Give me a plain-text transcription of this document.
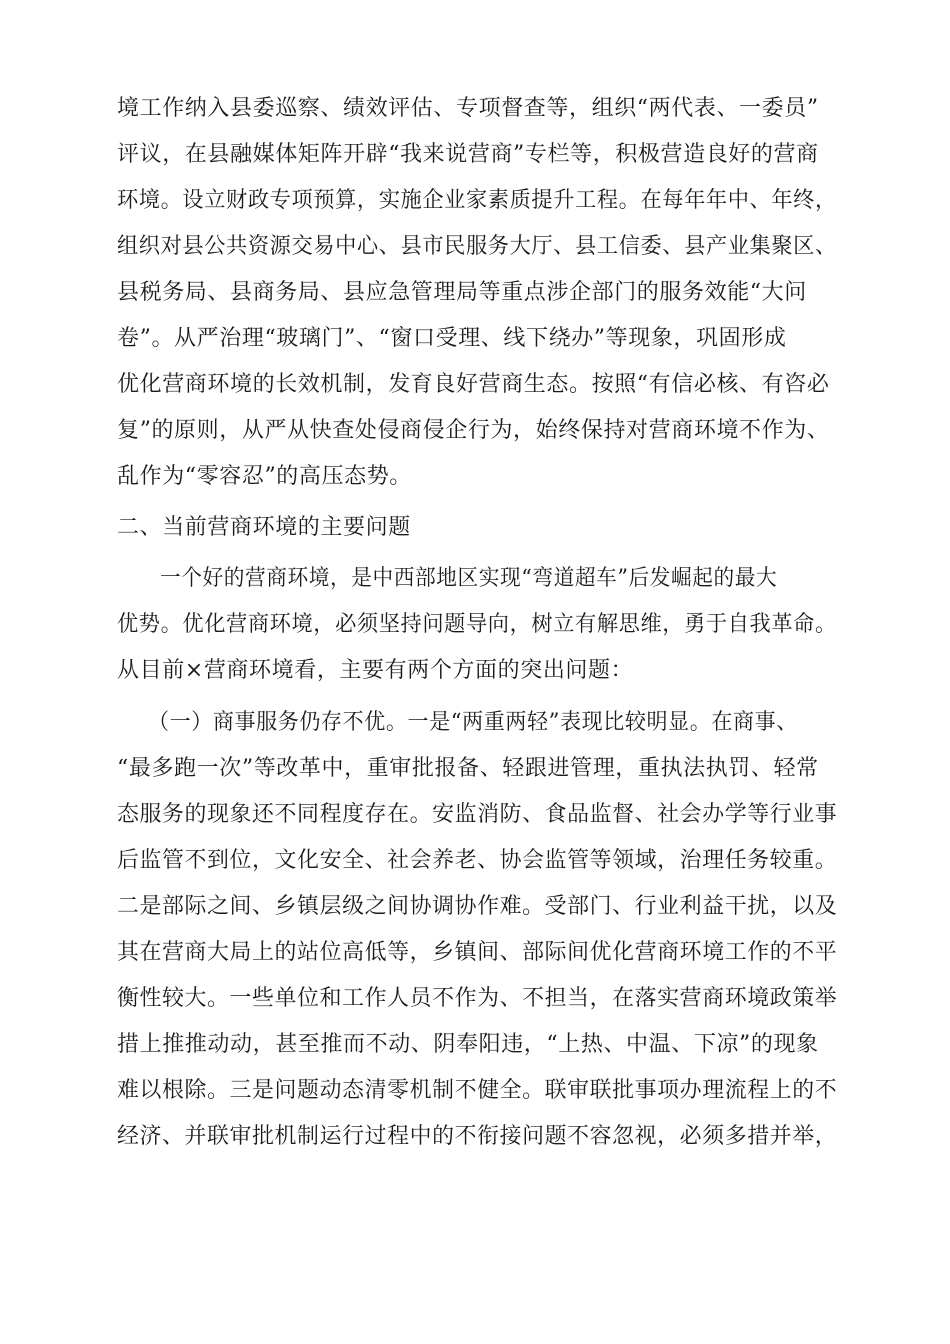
境工作纳入县委巡察、绩效评估、专项督查等，组织“两代表、一委员”
评议，在县融媒体矩阵开辟“我来说营商”专栏等，积极营造良好的营商
环境。设立财政专项预算，实施企业家素质提升工程。在每年年中、年终，
组织对县公共资源交易中心、县市民服务大厅、县工信委、县产业集聚区、
县税务局、县商务局、县应急管理局等重点涉企部门的服务效能“大问
卷”。从严治理“玻璃门”、“窗口受理、线下绕办”等现象，巩固形成
优化营商环境的长效机制，发育良好营商生态。按照“有信必核、有咨必
复”的原则，从严从快查处侵商侵企行为，始终保持对营商环境不作为、
乱作为“零容忍”的高压态势。
二、当前营商环境的主要问题
一个好的营商环境，是中西部地区实现“弯道超车”后发崛起的最大
优势。优化营商环境，必须坚持问题导向，树立有解思维，勇于自我革命。
从目前×营商环境看，主要有两个方面的突出问题：
（一）商事服务仍存不优。一是“两重两轻”表现比较明显。在商事、
“最多跑一次”等改革中，重审批报备、轻跟进管理，重执法执罚、轻常
态服务的现象还不同程度存在。安监消防、食品监督、社会办学等行业事
后监管不到位，文化安全、社会养老、协会监管等领域，治理任务较重。
二是部际之间、乡镇层级之间协调协作难。受部门、行业利益干扰，以及
其在营商大局上的站位高低等，乡镇间、部际间优化营商环境工作的不平
衡性较大。一些单位和工作人员不作为、不担当，在落实营商环境政策举
措上推推动动，甚至推而不动、阴奉阳违，“上热、中温、下凉”的现象
难以根除。三是问题动态清零机制不健全。联审联批事项办理流程上的不
经济、并联审批机制运行过程中的不衔接问题不容忽视，必须多措并举，
